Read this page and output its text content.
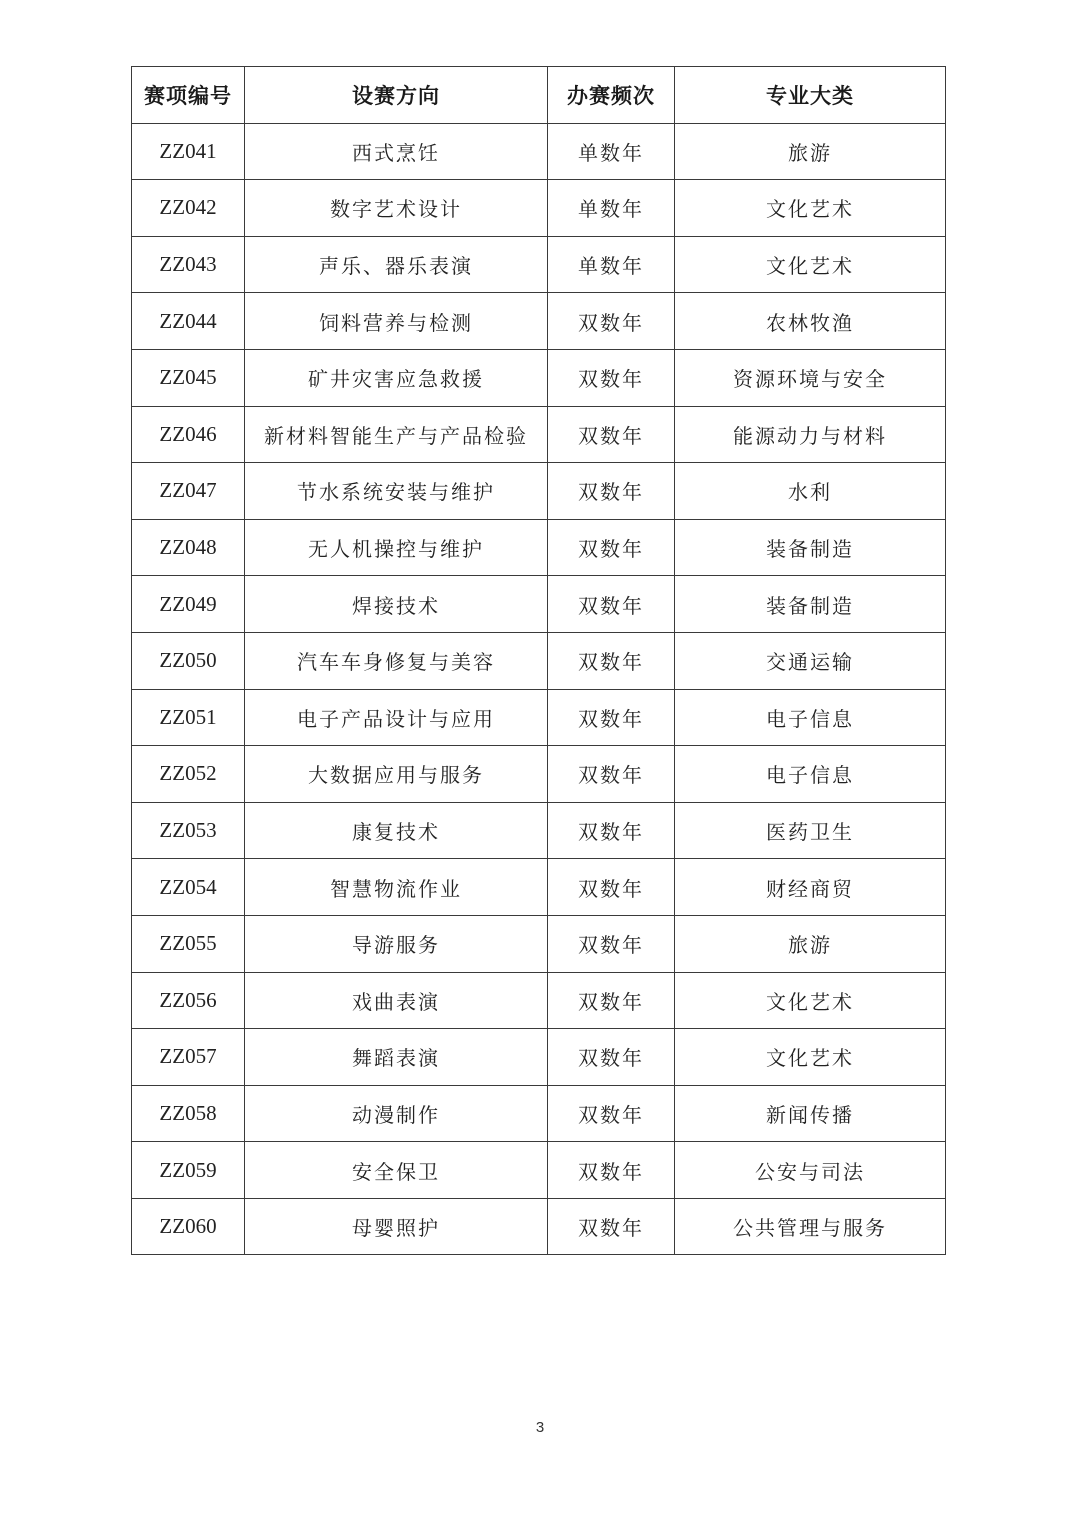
赛项编号	设赛方向	办赛频次	专业大类
ZZ041	西式烹饪	单数年	旅游
ZZ042	数字艺术设计	单数年	文化艺术
ZZ043	声乐、器乐表演	单数年	文化艺术
ZZ044	饲料营养与检测	双数年	农林牧渔
ZZ045	矿井灾害应急救援	双数年	资源环境与安全
ZZ046	新材料智能生产与产品检验	双数年	能源动力与材料
ZZ047	节水系统安装与维护	双数年	水利
ZZ048	无人机操控与维护	双数年	装备制造
ZZ049	焊接技术	双数年	装备制造
ZZ050	汽车车身修复与美容	双数年	交通运输
ZZ051	电子产品设计与应用	双数年	电子信息
ZZ052	大数据应用与服务	双数年	电子信息
ZZ053	康复技术	双数年	医药卫生
ZZ054	智慧物流作业	双数年	财经商贸
ZZ055	导游服务	双数年	旅游
ZZ056	戏曲表演	双数年	文化艺术
ZZ057	舞蹈表演	双数年	文化艺术
ZZ058	动漫制作	双数年	新闻传播
ZZ059	安全保卫	双数年	公安与司法
ZZ060	母婴照护	双数年	公共管理与服务
3
